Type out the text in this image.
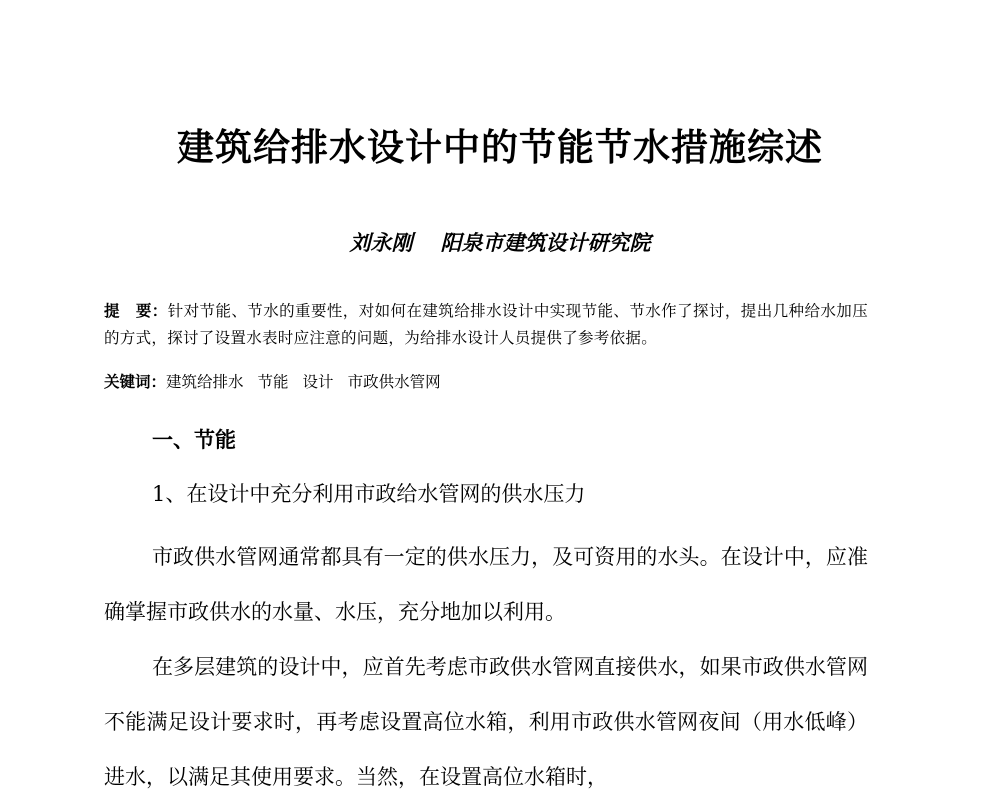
建筑给排水设计中的节能节水措施综述
刘永刚 阳泉市建筑设计研究院
提　要：针对节能、节水的重要性，对如何在建筑给排水设计中实现节能、节水作了探讨，提出几种给水加压的方式，探讨了设置水表时应注意的问题，为给排水设计人员提供了参考依据。
关键词：建筑给排水 节能 设计 市政供水管网
一、节能
1、在设计中充分利用市政给水管网的供水压力

市政供水管网通常都具有一定的供水压力，及可资用的水头。在设计中，应准确掌握市政供水的水量、水压，充分地加以利用。

在多层建筑的设计中，应首先考虑市政供水管网直接供水，如果市政供水管网不能满足设计要求时，再考虑设置高位水箱，利用市政供水管网夜间（用水低峰）进水，以满足其使用要求。当然，在设置高位水箱时，
